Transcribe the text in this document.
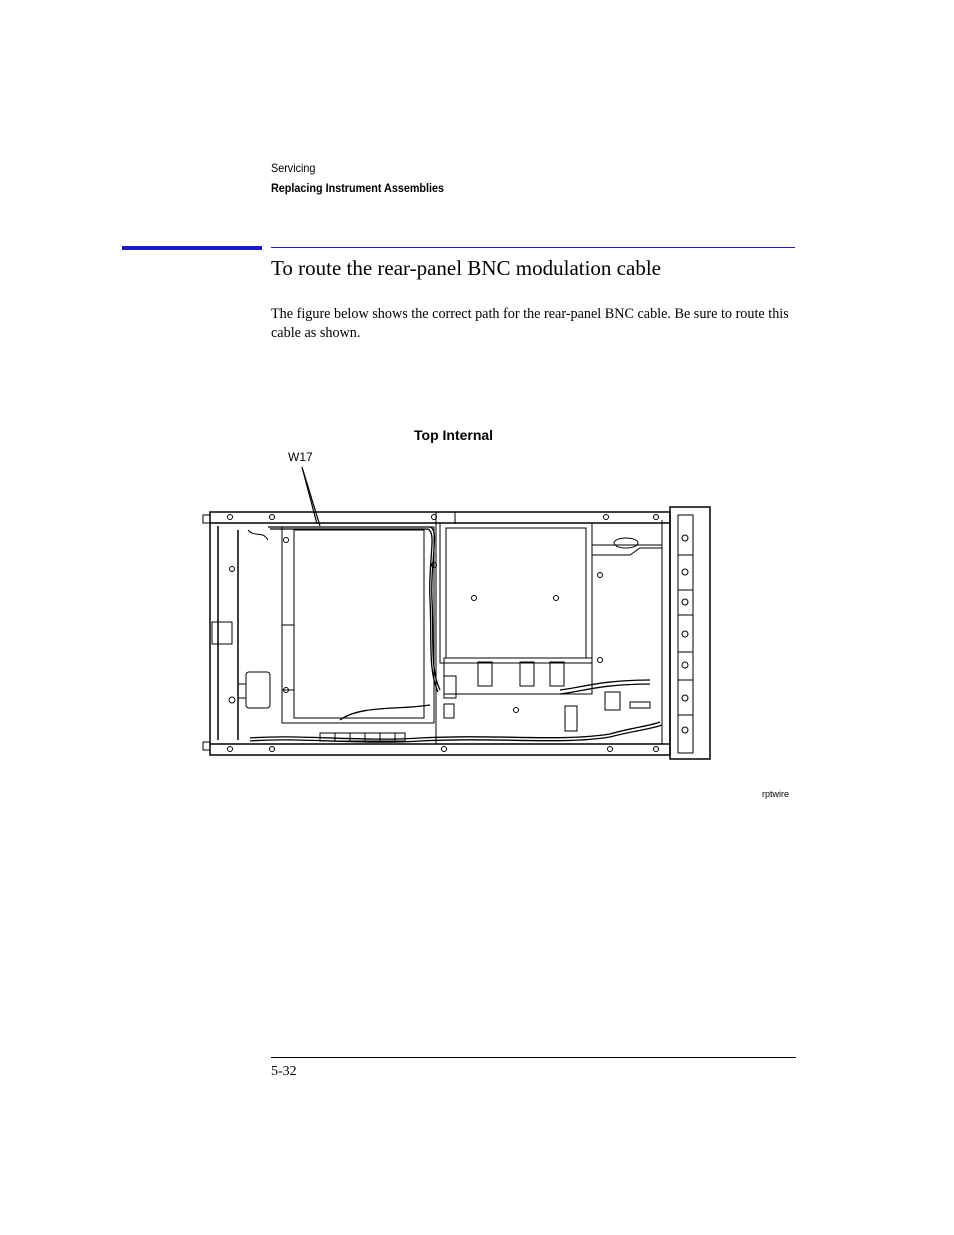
Servicing
Replacing Instrument Assemblies
To route the rear-panel BNC modulation cable
The figure below shows the correct path for the rear-panel BNC cable. Be sure to route this cable as shown.
Top Internal
W17
rptwire
5-32
